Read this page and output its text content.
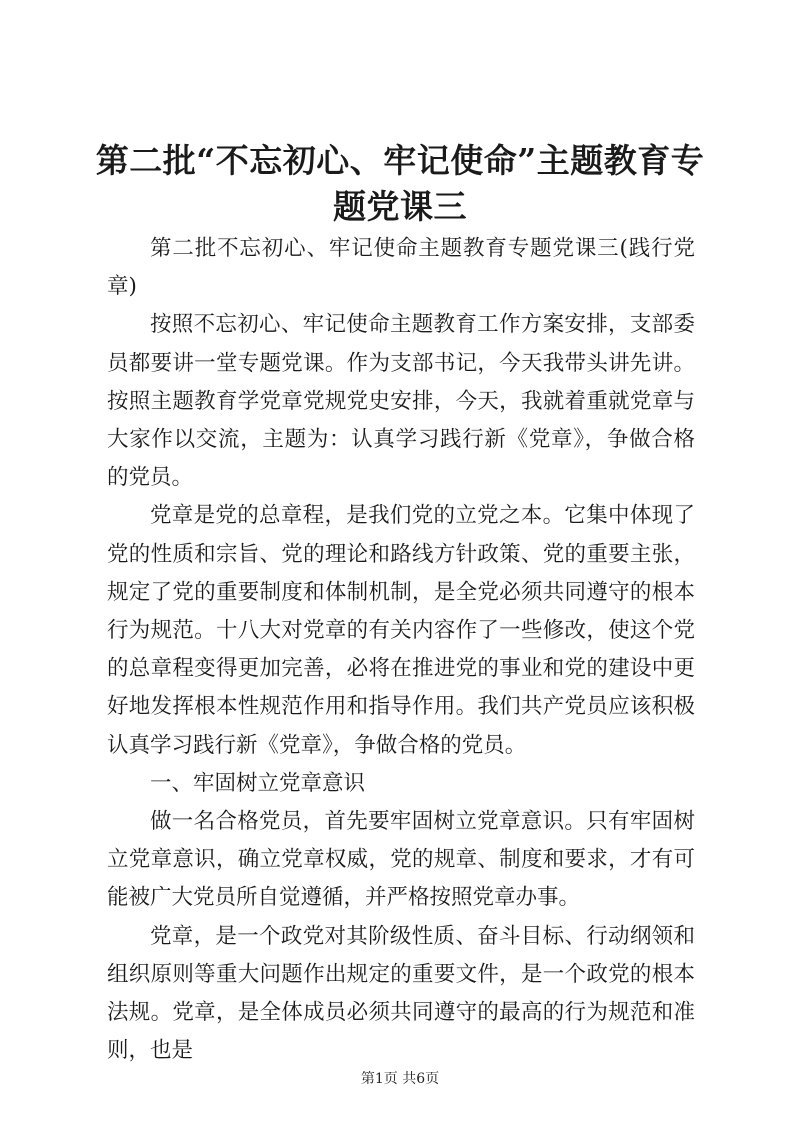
第二批“不忘初心、牢记使命”主题教育专题党课三

第二批不忘初心、牢记使命主题教育专题党课三(践行党章)

按照不忘初心、牢记使命主题教育工作方案安排，支部委员都要讲一堂专题党课。作为支部书记，今天我带头讲先讲。按照主题教育学党章党规党史安排，今天，我就着重就党章与大家作以交流，主题为：认真学习践行新《党章》，争做合格的党员。

党章是党的总章程，是我们党的立党之本。它集中体现了党的性质和宗旨、党的理论和路线方针政策、党的重要主张，规定了党的重要制度和体制机制，是全党必须共同遵守的根本行为规范。十八大对党章的有关内容作了一些修改，使这个党的总章程变得更加完善，必将在推进党的事业和党的建设中更好地发挥根本性规范作用和指导作用。我们共产党员应该积极认真学习践行新《党章》，争做合格的党员。

一、牢固树立党章意识

做一名合格党员，首先要牢固树立党章意识。只有牢固树立党章意识，确立党章权威，党的规章、制度和要求，才有可能被广大党员所自觉遵循，并严格按照党章办事。

党章，是一个政党对其阶级性质、奋斗目标、行动纲领和组织原则等重大问题作出规定的重要文件，是一个政党的根本法规。党章，是全体成员必须共同遵守的最高的行为规范和准则，也是

第1页 共6页
